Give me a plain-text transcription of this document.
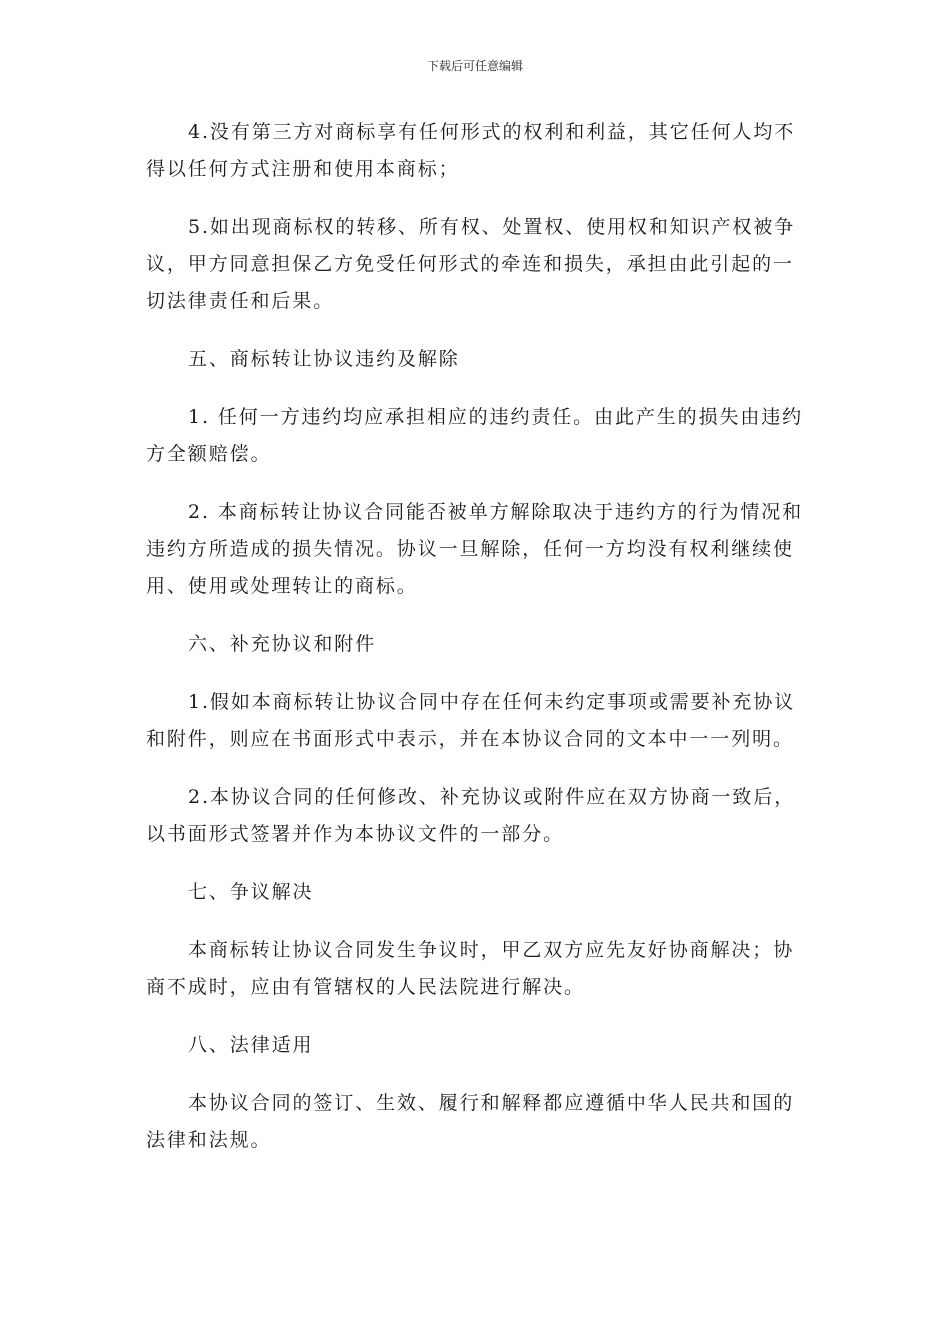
下载后可任意编辑

4.没有第三方对商标享有任何形式的权利和利益，其它任何人均不得以任何方式注册和使用本商标；

5.如出现商标权的转移、所有权、处置权、使用权和知识产权被争议，甲方同意担保乙方免受任何形式的牵连和损失，承担由此引起的一切法律责任和后果。

五、商标转让协议违约及解除

1. 任何一方违约均应承担相应的违约责任。由此产生的损失由违约方全额赔偿。

2. 本商标转让协议合同能否被单方解除取决于违约方的行为情况和违约方所造成的损失情况。协议一旦解除，任何一方均没有权利继续使用、使用或处理转让的商标。

六、补充协议和附件

1.假如本商标转让协议合同中存在任何未约定事项或需要补充协议和附件，则应在书面形式中表示，并在本协议合同的文本中一一列明。

2.本协议合同的任何修改、补充协议或附件应在双方协商一致后，以书面形式签署并作为本协议文件的一部分。

七、争议解决

本商标转让协议合同发生争议时，甲乙双方应先友好协商解决；协商不成时，应由有管辖权的人民法院进行解决。

八、法律适用

本协议合同的签订、生效、履行和解释都应遵循中华人民共和国的法律和法规。
